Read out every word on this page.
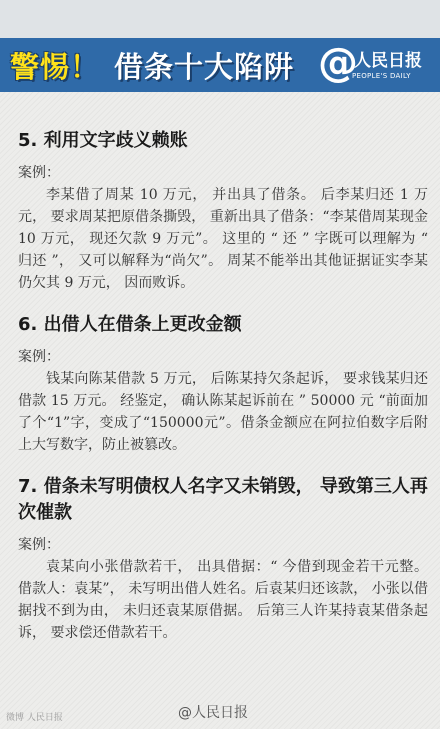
警惕！ 借条十大陷阱 @
人民日报
PEOPLE'S DAILY
5. 利用文字歧义赖账
案例：

李某借了周某 10 万元， 并出具了借条。 后李某归还 1 万元， 要求周某把原借条撕毁， 重新出具了借条：“李某借周某现金 10 万元， 现还欠款 9 万元”。 这里的 “ 还 ” 字既可以理解为 “ 归还 ”， 又可以解释为“尚欠”。 周某不能举出其他证据证实李某仍欠其 9 万元， 因而败诉。

6. 出借人在借条上更改金额
案例：

钱某向陈某借款 5 万元， 后陈某持欠条起诉， 要求钱某归还借款 15 万元。 经鉴定， 确认陈某起诉前在 ” 50000 元 “前面加了个“1”字，变成了“150000元”。借条金额应在阿拉伯数字后附上大写数字，防止被篡改。

7. 借条未写明债权人名字又未销毁， 导致第三人再次催款
案例：

袁某向小张借款若干， 出具借据：“ 今借到现金若干元整。 借款人：袁某”， 未写明出借人姓名。后袁某归还该款， 小张以借据找不到为由， 未归还袁某原借据。 后第三人许某持袁某借条起诉， 要求偿还借款若干。

微博 人民日报	@人民日报
